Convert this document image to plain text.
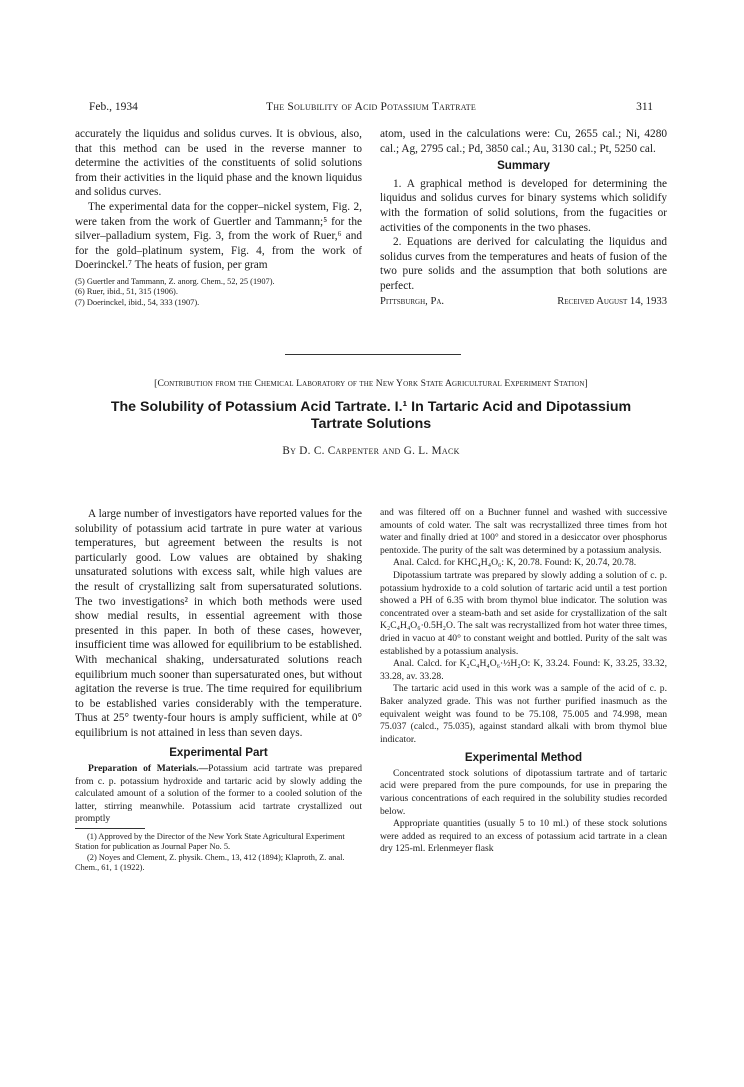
Feb., 1934	The Solubility of Acid Potassium Tartrate	311

accurately the liquidus and solidus curves. It is obvious, also, that this method can be used in the reverse manner to determine the activities of the constituents of solid solutions from their activities in the liquid phase and the known liquidus and solidus curves.

The experimental data for the copper–nickel system, Fig. 2, were taken from the work of Guertler and Tammann;⁵ for the silver–palladium system, Fig. 3, from the work of Ruer,⁶ and for the gold–platinum system, Fig. 4, from the work of Doerinckel.⁷ The heats of fusion, per gram

(5) Guertler and Tammann, Z. anorg. Chem., 52, 25 (1907).
(6) Ruer, ibid., 51, 315 (1906).
(7) Doerinckel, ibid., 54, 333 (1907).

atom, used in the calculations were: Cu, 2655 cal.; Ni, 4280 cal.; Ag, 2795 cal.; Pd, 3850 cal.; Au, 3130 cal.; Pt, 5250 cal.

Summary

1. A graphical method is developed for determining the liquidus and solidus curves for binary systems which solidify with the formation of solid solutions, from the fugacities or activities of the components in the two phases.

2. Equations are derived for calculating the liquidus and solidus curves from the temperatures and heats of fusion of the two pure solids and the assumption that both solutions are perfect.

Pittsburgh, Pa.	Received August 14, 1933
[Contribution from the Chemical Laboratory of the New York State Agricultural Experiment Station]
The Solubility of Potassium Acid Tartrate. I.¹ In Tartaric Acid and Dipotassium
Tartrate Solutions
By D. C. Carpenter and G. L. Mack

A large number of investigators have reported values for the solubility of potassium acid tartrate in pure water at various temperatures, but agreement between the results is not particularly good. Low values are obtained by shaking unsaturated solutions with excess salt, while high values are the result of crystallizing salt from supersaturated solutions. The two investigations² in which both methods were used show medial results, in essential agreement with those presented in this paper. In both of these cases, however, insufficient time was allowed for equilibrium to be established. With mechanical shaking, undersaturated solutions reach equilibrium much sooner than supersaturated ones, but without agitation the reverse is true. The time required for equilibrium to be established varies considerably with the temperature. Thus at 25° twenty-four hours is amply sufficient, while at 0° equilibrium is not attained in less than seven days.

Experimental Part

Preparation of Materials.—Potassium acid tartrate was prepared from c. p. potassium hydroxide and tartaric acid by slowly adding the calculated amount of a solution of the former to a cooled solution of the latter, stirring meanwhile. Potassium acid tartrate crystallized out promptly

(1) Approved by the Director of the New York State Agricultural Experiment Station for publication as Journal Paper No. 5.
(2) Noyes and Clement, Z. physik. Chem., 13, 412 (1894); Klaproth, Z. anal. Chem., 61, 1 (1922).

and was filtered off on a Buchner funnel and washed with successive amounts of cold water. The salt was recrystallized three times from hot water and finally dried at 100° and stored in a desiccator over phosphorus pentoxide. The purity of the salt was determined by a potassium analysis.

Anal. Calcd. for KHC₄H₄O₆: K, 20.78. Found: K, 20.74, 20.78.

Dipotassium tartrate was prepared by slowly adding a solution of c. p. potassium hydroxide to a cold solution of tartaric acid until a test portion showed a PH of 6.35 with brom thymol blue indicator. The solution was concentrated over a steam-bath and set aside for crystallization of the salt K₂C₄H₄O₆·0.5H₂O. The salt was recrystallized from hot water three times, dried in vacuo at 40° to constant weight and bottled. Purity of the salt was established by a potassium analysis.

Anal. Calcd. for K₂C₄H₄O₆·½H₂O: K, 33.24. Found: K, 33.25, 33.32, 33.28, av. 33.28.

The tartaric acid used in this work was a sample of the acid of c. p. Baker analyzed grade. This was not further purified inasmuch as the equivalent weight was found to be 75.108, 75.005 and 74.998, mean 75.037 (calcd., 75.035), against standard alkali with brom thymol blue indicator.

Experimental Method

Concentrated stock solutions of dipotassium tartrate and of tartaric acid were prepared from the pure compounds, for use in preparing the various concentrations of each required in the solubility studies recorded below.

Appropriate quantities (usually 5 to 10 ml.) of these stock solutions were added as required to an excess of potassium acid tartrate in a clean dry 125-ml. Erlenmeyer flask
